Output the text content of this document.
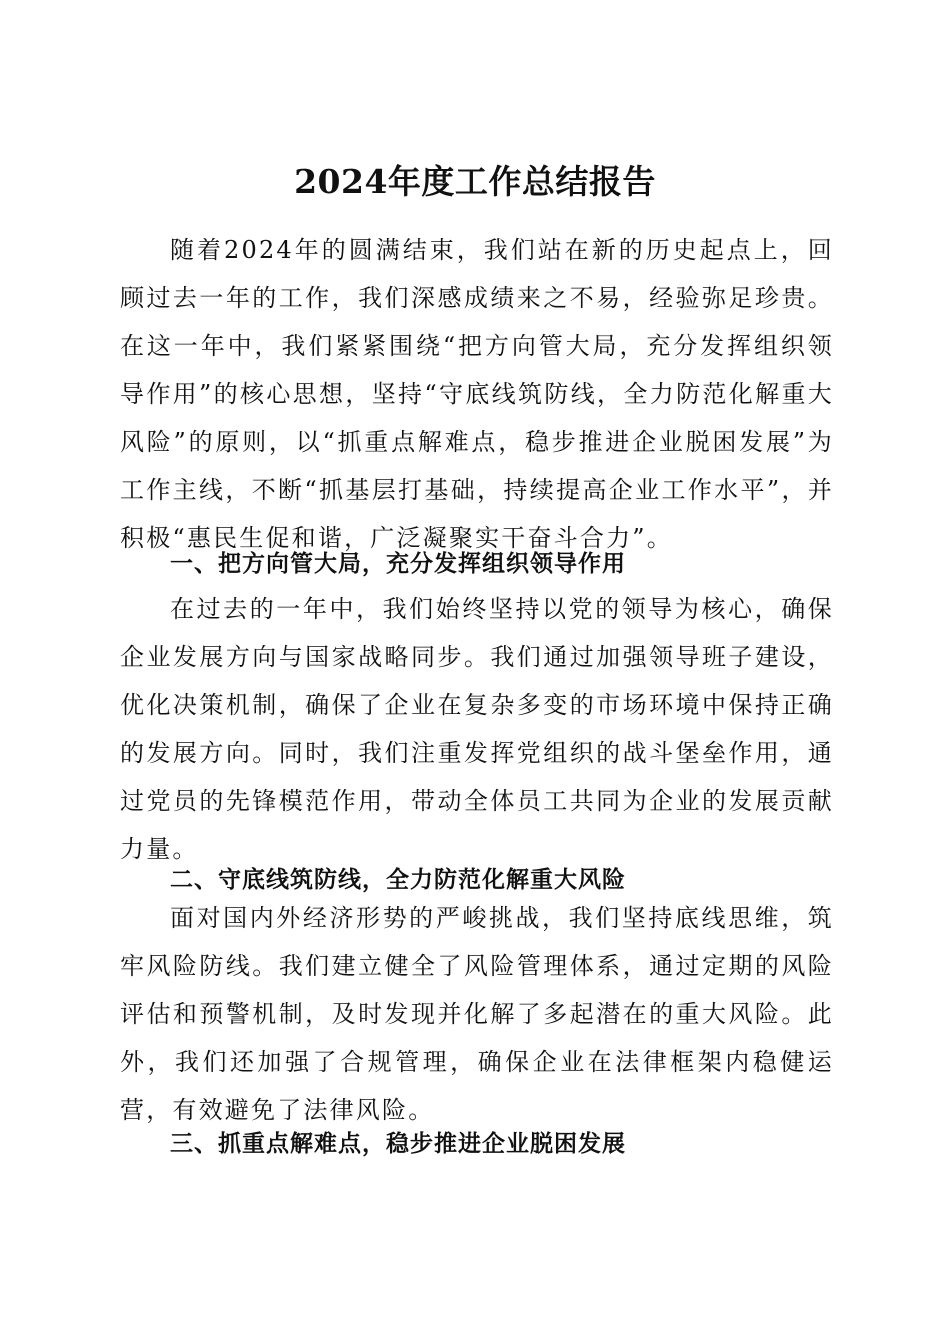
2024年度工作总结报告

随着2024年的圆满结束，我们站在新的历史起点上，回顾过去一年的工作，我们深感成绩来之不易，经验弥足珍贵。在这一年中，我们紧紧围绕“把方向管大局，充分发挥组织领导作用”的核心思想，坚持“守底线筑防线，全力防范化解重大风险”的原则，以“抓重点解难点，稳步推进企业脱困发展”为工作主线，不断“抓基层打基础，持续提高企业工作水平”，并积极“惠民生促和谐，广泛凝聚实干奋斗合力”。

一、把方向管大局，充分发挥组织领导作用

在过去的一年中，我们始终坚持以党的领导为核心，确保企业发展方向与国家战略同步。我们通过加强领导班子建设，优化决策机制，确保了企业在复杂多变的市场环境中保持正确的发展方向。同时，我们注重发挥党组织的战斗堡垒作用，通过党员的先锋模范作用，带动全体员工共同为企业的发展贡献力量。

二、守底线筑防线，全力防范化解重大风险

面对国内外经济形势的严峻挑战，我们坚持底线思维，筑牢风险防线。我们建立健全了风险管理体系，通过定期的风险评估和预警机制，及时发现并化解了多起潜在的重大风险。此外，我们还加强了合规管理，确保企业在法律框架内稳健运营，有效避免了法律风险。

三、抓重点解难点，稳步推进企业脱困发展
